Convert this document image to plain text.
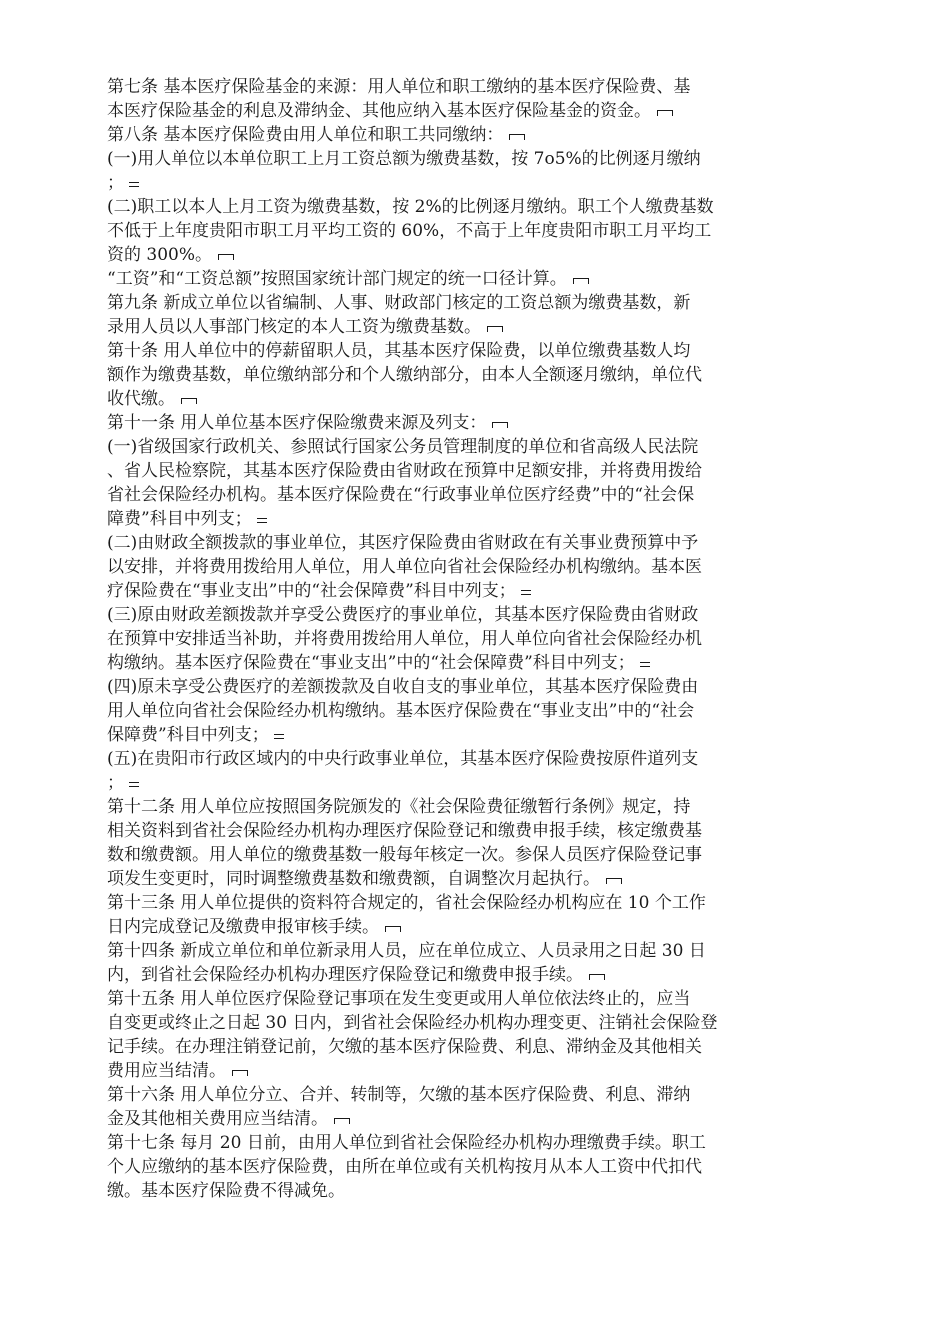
第七条 基本医疗保险基金的来源：用人单位和职工缴纳的基本医疗保险费、基
本医疗保险基金的利息及滞纳金、其他应纳入基本医疗保险基金的资金。
第八条 基本医疗保险费由用人单位和职工共同缴纳：
(一)用人单位以本单位职工上月工资总额为缴费基数，按 7o5%的比例逐月缴纳
；
(二)职工以本人上月工资为缴费基数，按 2%的比例逐月缴纳。职工个人缴费基数
不低于上年度贵阳市职工月平均工资的 60%，不高于上年度贵阳市职工月平均工
资的 300%。
“工资”和“工资总额”按照国家统计部门规定的统一口径计算。
第九条 新成立单位以省编制、人事、财政部门核定的工资总额为缴费基数，新
录用人员以人事部门核定的本人工资为缴费基数。
第十条 用人单位中的停薪留职人员，其基本医疗保险费，以单位缴费基数人均
额作为缴费基数，单位缴纳部分和个人缴纳部分，由本人全额逐月缴纳，单位代
收代缴。
第十一条 用人单位基本医疗保险缴费来源及列支：
(一)省级国家行政机关、参照试行国家公务员管理制度的单位和省高级人民法院
、省人民检察院，其基本医疗保险费由省财政在预算中足额安排，并将费用拨给
省社会保险经办机构。基本医疗保险费在“行政事业单位医疗经费”中的“社会保
障费”科目中列支；
(二)由财政全额拨款的事业单位，其医疗保险费由省财政在有关事业费预算中予
以安排，并将费用拨给用人单位，用人单位向省社会保险经办机构缴纳。基本医
疗保险费在“事业支出”中的“社会保障费”科目中列支；
(三)原由财政差额拨款并享受公费医疗的事业单位，其基本医疗保险费由省财政
在预算中安排适当补助，并将费用拨给用人单位，用人单位向省社会保险经办机
构缴纳。基本医疗保险费在“事业支出”中的“社会保障费”科目中列支；
(四)原未享受公费医疗的差额拨款及自收自支的事业单位，其基本医疗保险费由
用人单位向省社会保险经办机构缴纳。基本医疗保险费在“事业支出”中的“社会
保障费”科目中列支；
(五)在贵阳市行政区域内的中央行政事业单位，其基本医疗保险费按原件道列支
；
第十二条 用人单位应按照国务院颁发的《社会保险费征缴暂行条例》规定，持
相关资料到省社会保险经办机构办理医疗保险登记和缴费申报手续，核定缴费基
数和缴费额。用人单位的缴费基数一般每年核定一次。参保人员医疗保险登记事
项发生变更时，同时调整缴费基数和缴费额，自调整次月起执行。
第十三条 用人单位提供的资料符合规定的，省社会保险经办机构应在 10 个工作
日内完成登记及缴费申报审核手续。
第十四条 新成立单位和单位新录用人员，应在单位成立、人员录用之日起 30 日
内，到省社会保险经办机构办理医疗保险登记和缴费申报手续。
第十五条 用人单位医疗保险登记事项在发生变更或用人单位依法终止的，应当
自变更或终止之日起 30 日内，到省社会保险经办机构办理变更、注销社会保险登
记手续。在办理注销登记前，欠缴的基本医疗保险费、利息、滞纳金及其他相关
费用应当结清。
第十六条 用人单位分立、合并、转制等，欠缴的基本医疗保险费、利息、滞纳
金及其他相关费用应当结清。
第十七条 每月 20 日前，由用人单位到省社会保险经办机构办理缴费手续。职工
个人应缴纳的基本医疗保险费，由所在单位或有关机构按月从本人工资中代扣代
缴。基本医疗保险费不得减免。
